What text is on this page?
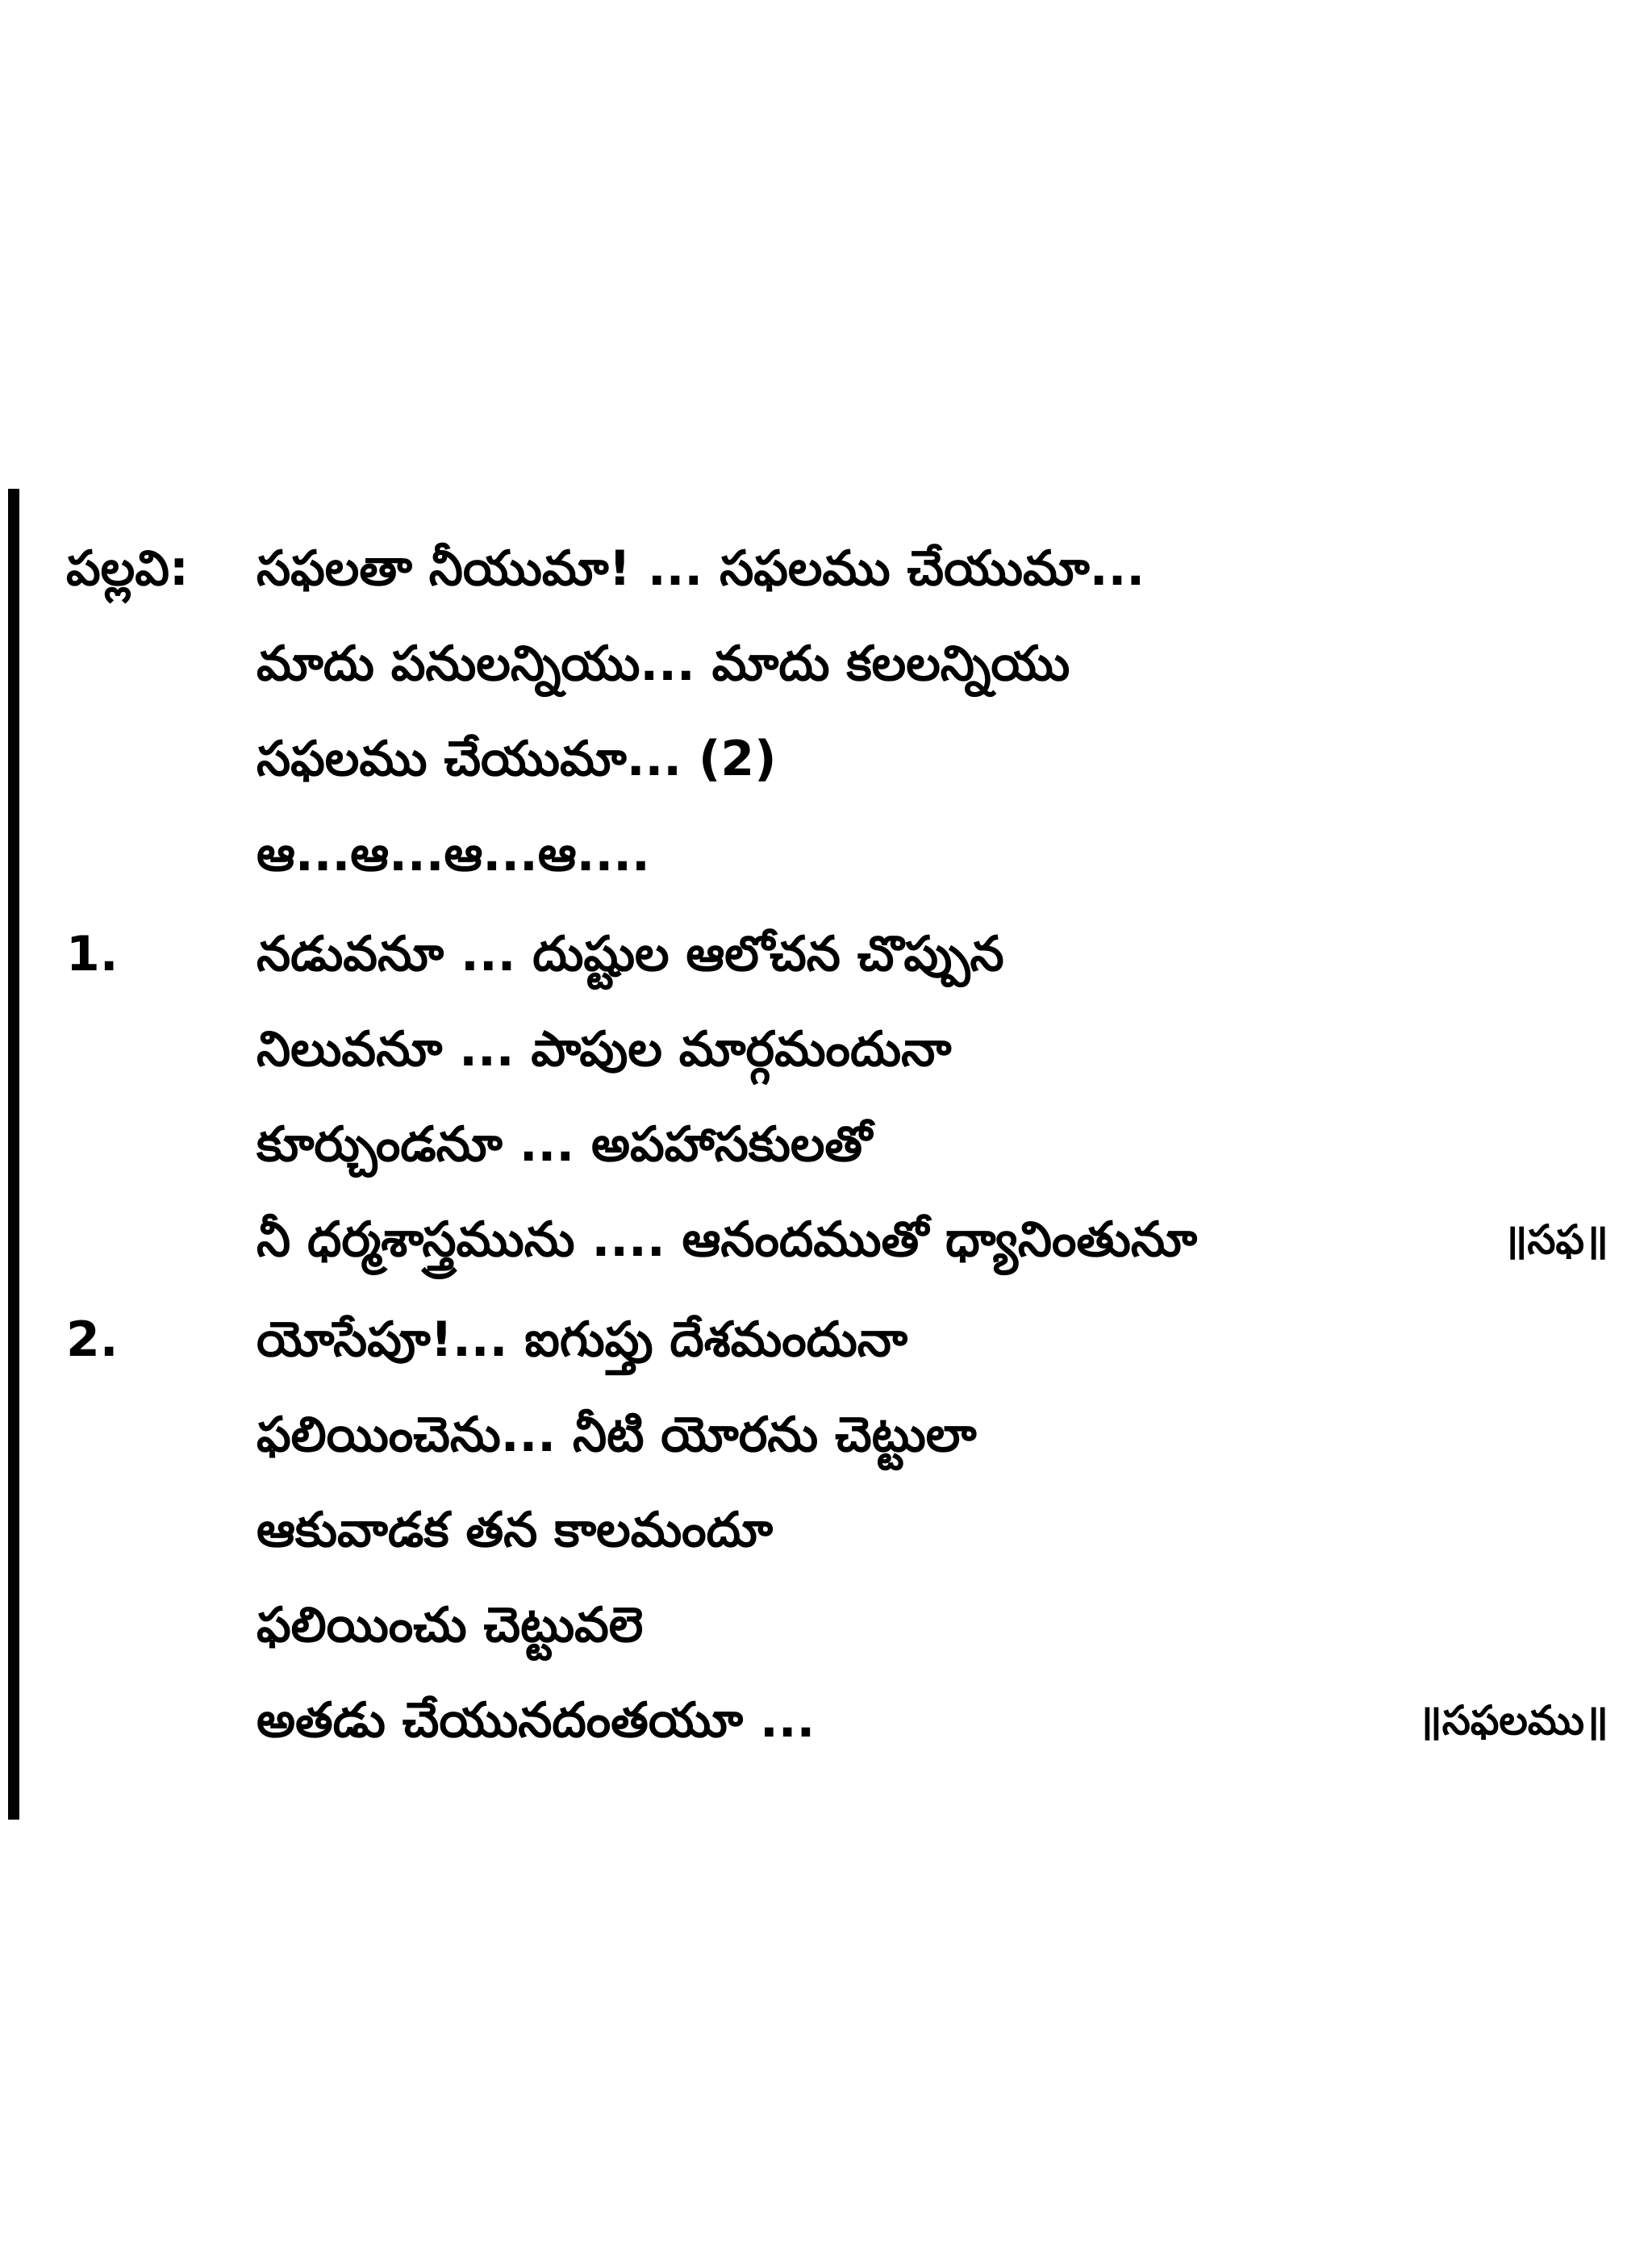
పల్లవి: సఫలతా నీయుమా! ... సఫలము చేయుమా...
మాదు పనులన్నియు... మాదు కలలన్నియు
సఫలము చేయుమా... (2)
ఆ...ఆ...ఆ...ఆ....
1.	నడువనూ ... దుష్టుల ఆలోచన చొప్పున
నిలువనూ ... పాపుల మార్గమందునా
కూర్చుండనూ ... అపహాసకులతో
నీ ధర్మశాస్త్రమును .... ఆనందముతో ధ్యానింతునూ	॥సఫ॥
2.	యోసేపూ!... ఐగుప్తు దేశమందునా
ఫలియించెను... నీటి యోరను చెట్టులా
ఆకువాడక తన కాలమందూ
ఫలియించు చెట్టువలె
అతడు చేయునదంతయూ ...	॥సఫలము॥
